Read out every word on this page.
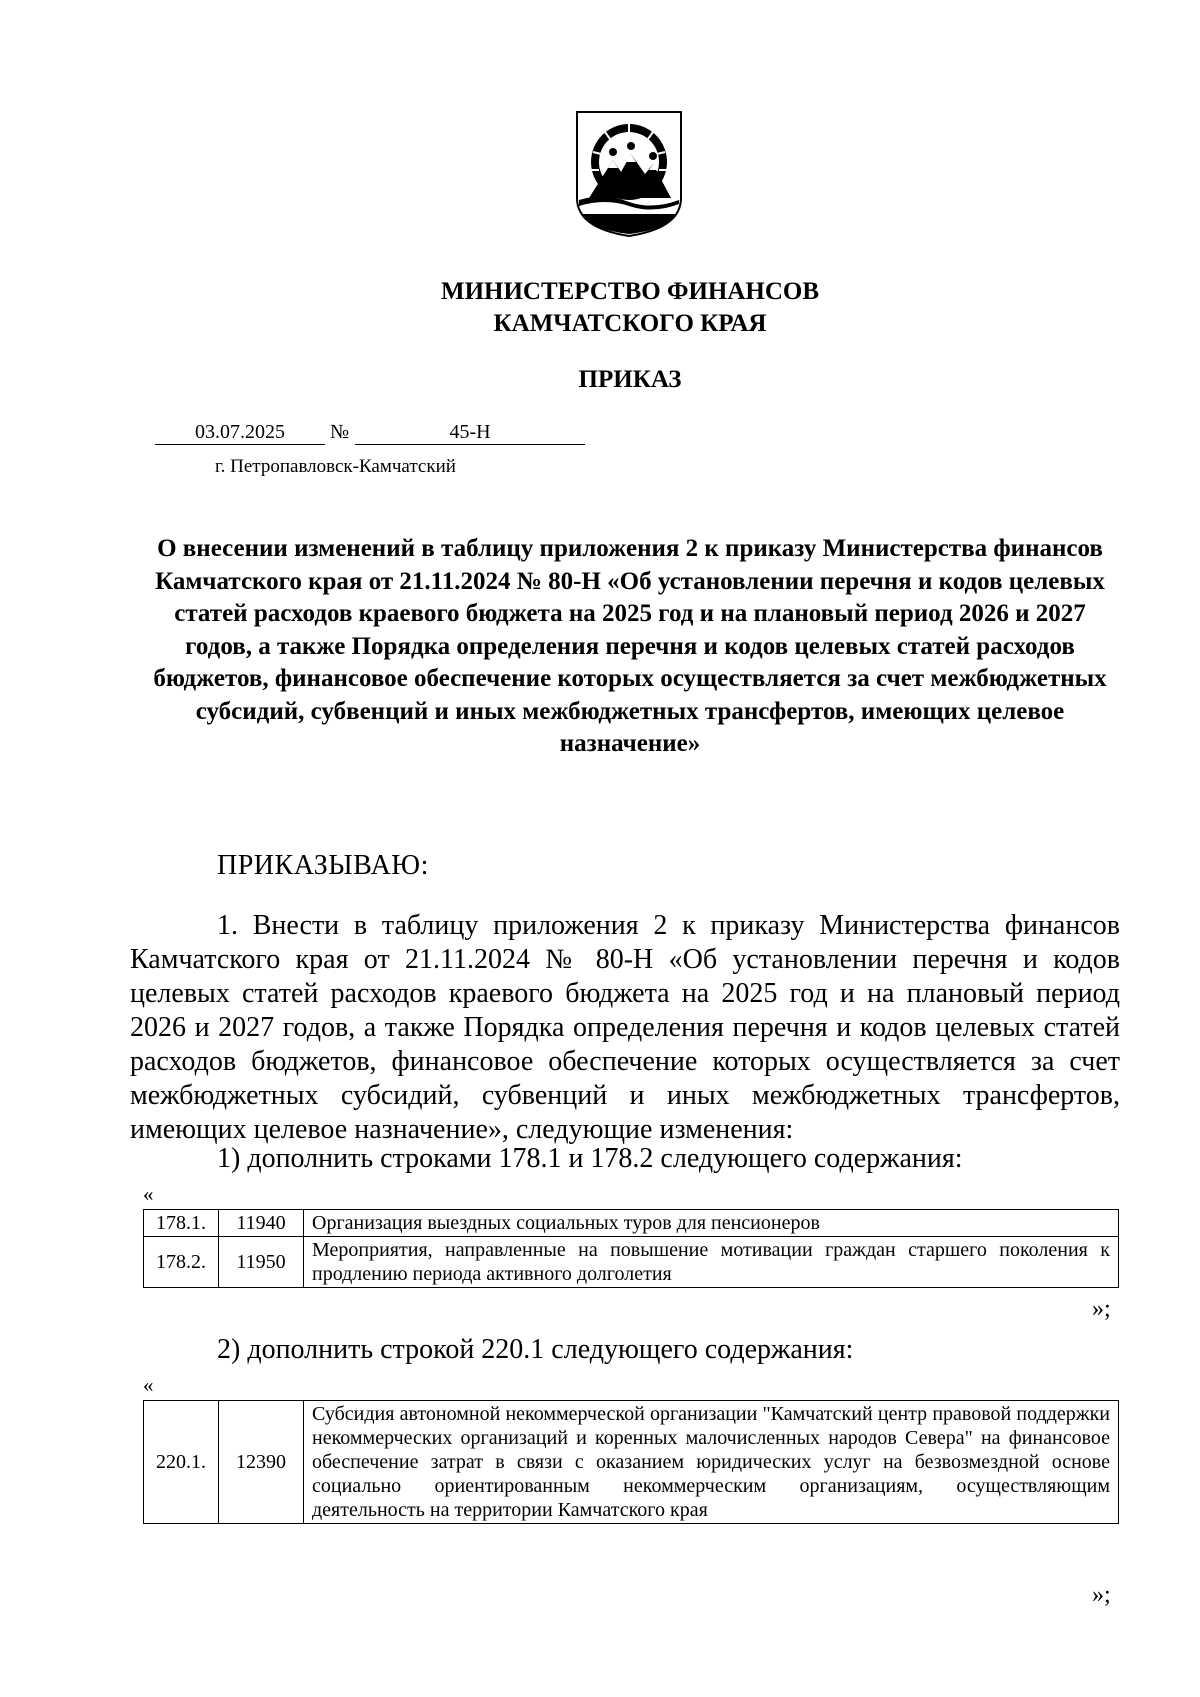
МИНИСТЕРСТВО ФИНАНСОВ
КАМЧАТСКОГО КРАЯ
ПРИКАЗ
03.07.2025	№	45-Н
г. Петропавловск-Камчатский
О внесении изменений в таблицу приложения 2 к приказу Министерства финансов Камчатского края от 21.11.2024 № 80-Н «Об установлении перечня и кодов целевых статей расходов краевого бюджета на 2025 год и на плановый период 2026 и 2027 годов, а также Порядка определения перечня и кодов целевых статей расходов бюджетов, финансовое обеспечение которых осуществляется за счет межбюджетных субсидий, субвенций и иных межбюджетных трансфертов, имеющих целевое назначение»
ПРИКАЗЫВАЮ:
1. Внести в таблицу приложения 2 к приказу Министерства финансов Камчатского края от 21.11.2024 № 80-Н «Об установлении перечня и кодов целевых статей расходов краевого бюджета на 2025 год и на плановый период 2026 и 2027 годов, а также Порядка определения перечня и кодов целевых статей расходов бюджетов, финансовое обеспечение которых осуществляется за счет межбюджетных субсидий, субвенций и иных межбюджетных трансфертов, имеющих целевое назначение», следующие изменения:
1) дополнить строками 178.1 и 178.2 следующего содержания:
«
178.1.	11940	Организация выездных социальных туров для пенсионеров
178.2.	11950	Мероприятия, направленные на повышение мотивации граждан старшего поколения к продлению периода активного долголетия
»;
2) дополнить строкой 220.1 следующего содержания:
«
220.1.	12390	Субсидия автономной некоммерческой организации "Камчатский центр правовой поддержки некоммерческих организаций и коренных малочисленных народов Севера" на финансовое обеспечение затрат в связи с оказанием юридических услуг на безвозмездной основе социально ориентированным некоммерческим организациям, осуществляющим деятельность на территории Камчатского края
»;
